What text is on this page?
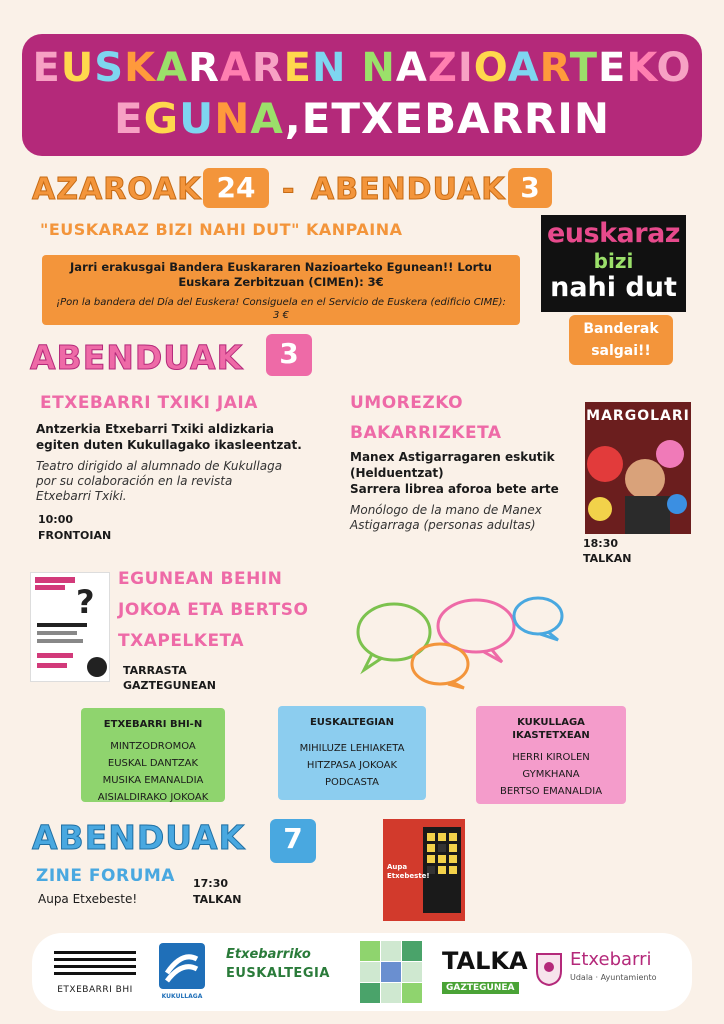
EUSKARAREN NAZIOARTEKO
EGUNA,ETXEBARRIN
AZAROAK 24 - ABENDUAK 3
"EUSKARAZ BIZI NAHI DUT" KANPAINA
Jarri erakusgai Bandera Euskararen Nazioarteko Egunean!! Lortu Euskara Zerbitzuan (CIMEn): 3€
¡Pon la bandera del Día del Euskera! Consiguela en el Servicio de Euskera (edificio CIME): 3 €
euskaraz
bizi
nahi dut
Banderak
salgai!!
ABENDUAK	3
ETXEBARRI TXIKI JAIA
Antzerkia Etxebarri Txiki aldizkaria
egiten duten Kukullagako ikasleentzat.
Teatro dirigido al alumnado de Kukullaga
por su colaboración en la revista
Etxebarri Txiki.
10:00
FRONTOIAN
UMOREZKO
BAKARRIZKETA
Manex Astigarragaren eskutik
(Helduentzat)
Sarrera librea aforoa bete arte
Monólogo de la mano de Manex
Astigarraga (personas adultas)
MARGOLARI
18:30
TALKAN
?
EGUNEAN BEHIN
JOKOA ETA BERTSO
TXAPELKETA
TARRASTA
GAZTEGUNEAN
ETXEBARRI BHI-N
MINTZODROMOA
EUSKAL DANTZAK
MUSIKA EMANALDIA
AISIALDIRAKO JOKOAK
EUSKALTEGIAN
MIHILUZE LEHIAKETA
HITZPASA JOKOAK
PODCASTA
KUKULLAGA
IKASTETXEAN
HERRI KIROLEN
GYMKHANA
BERTSO EMANALDIA
ABENDUAK	7
ZINE FORUMA
Aupa Etxebeste!
17:30
TALKAN
Aupa
Etxebeste!
ETXEBARRI BHI
KUKULLAGA
Etxebarriko
EUSKALTEGIA	TALKA
GAZTEGUNEA
Etxebarri
Udala · Ayuntamiento
